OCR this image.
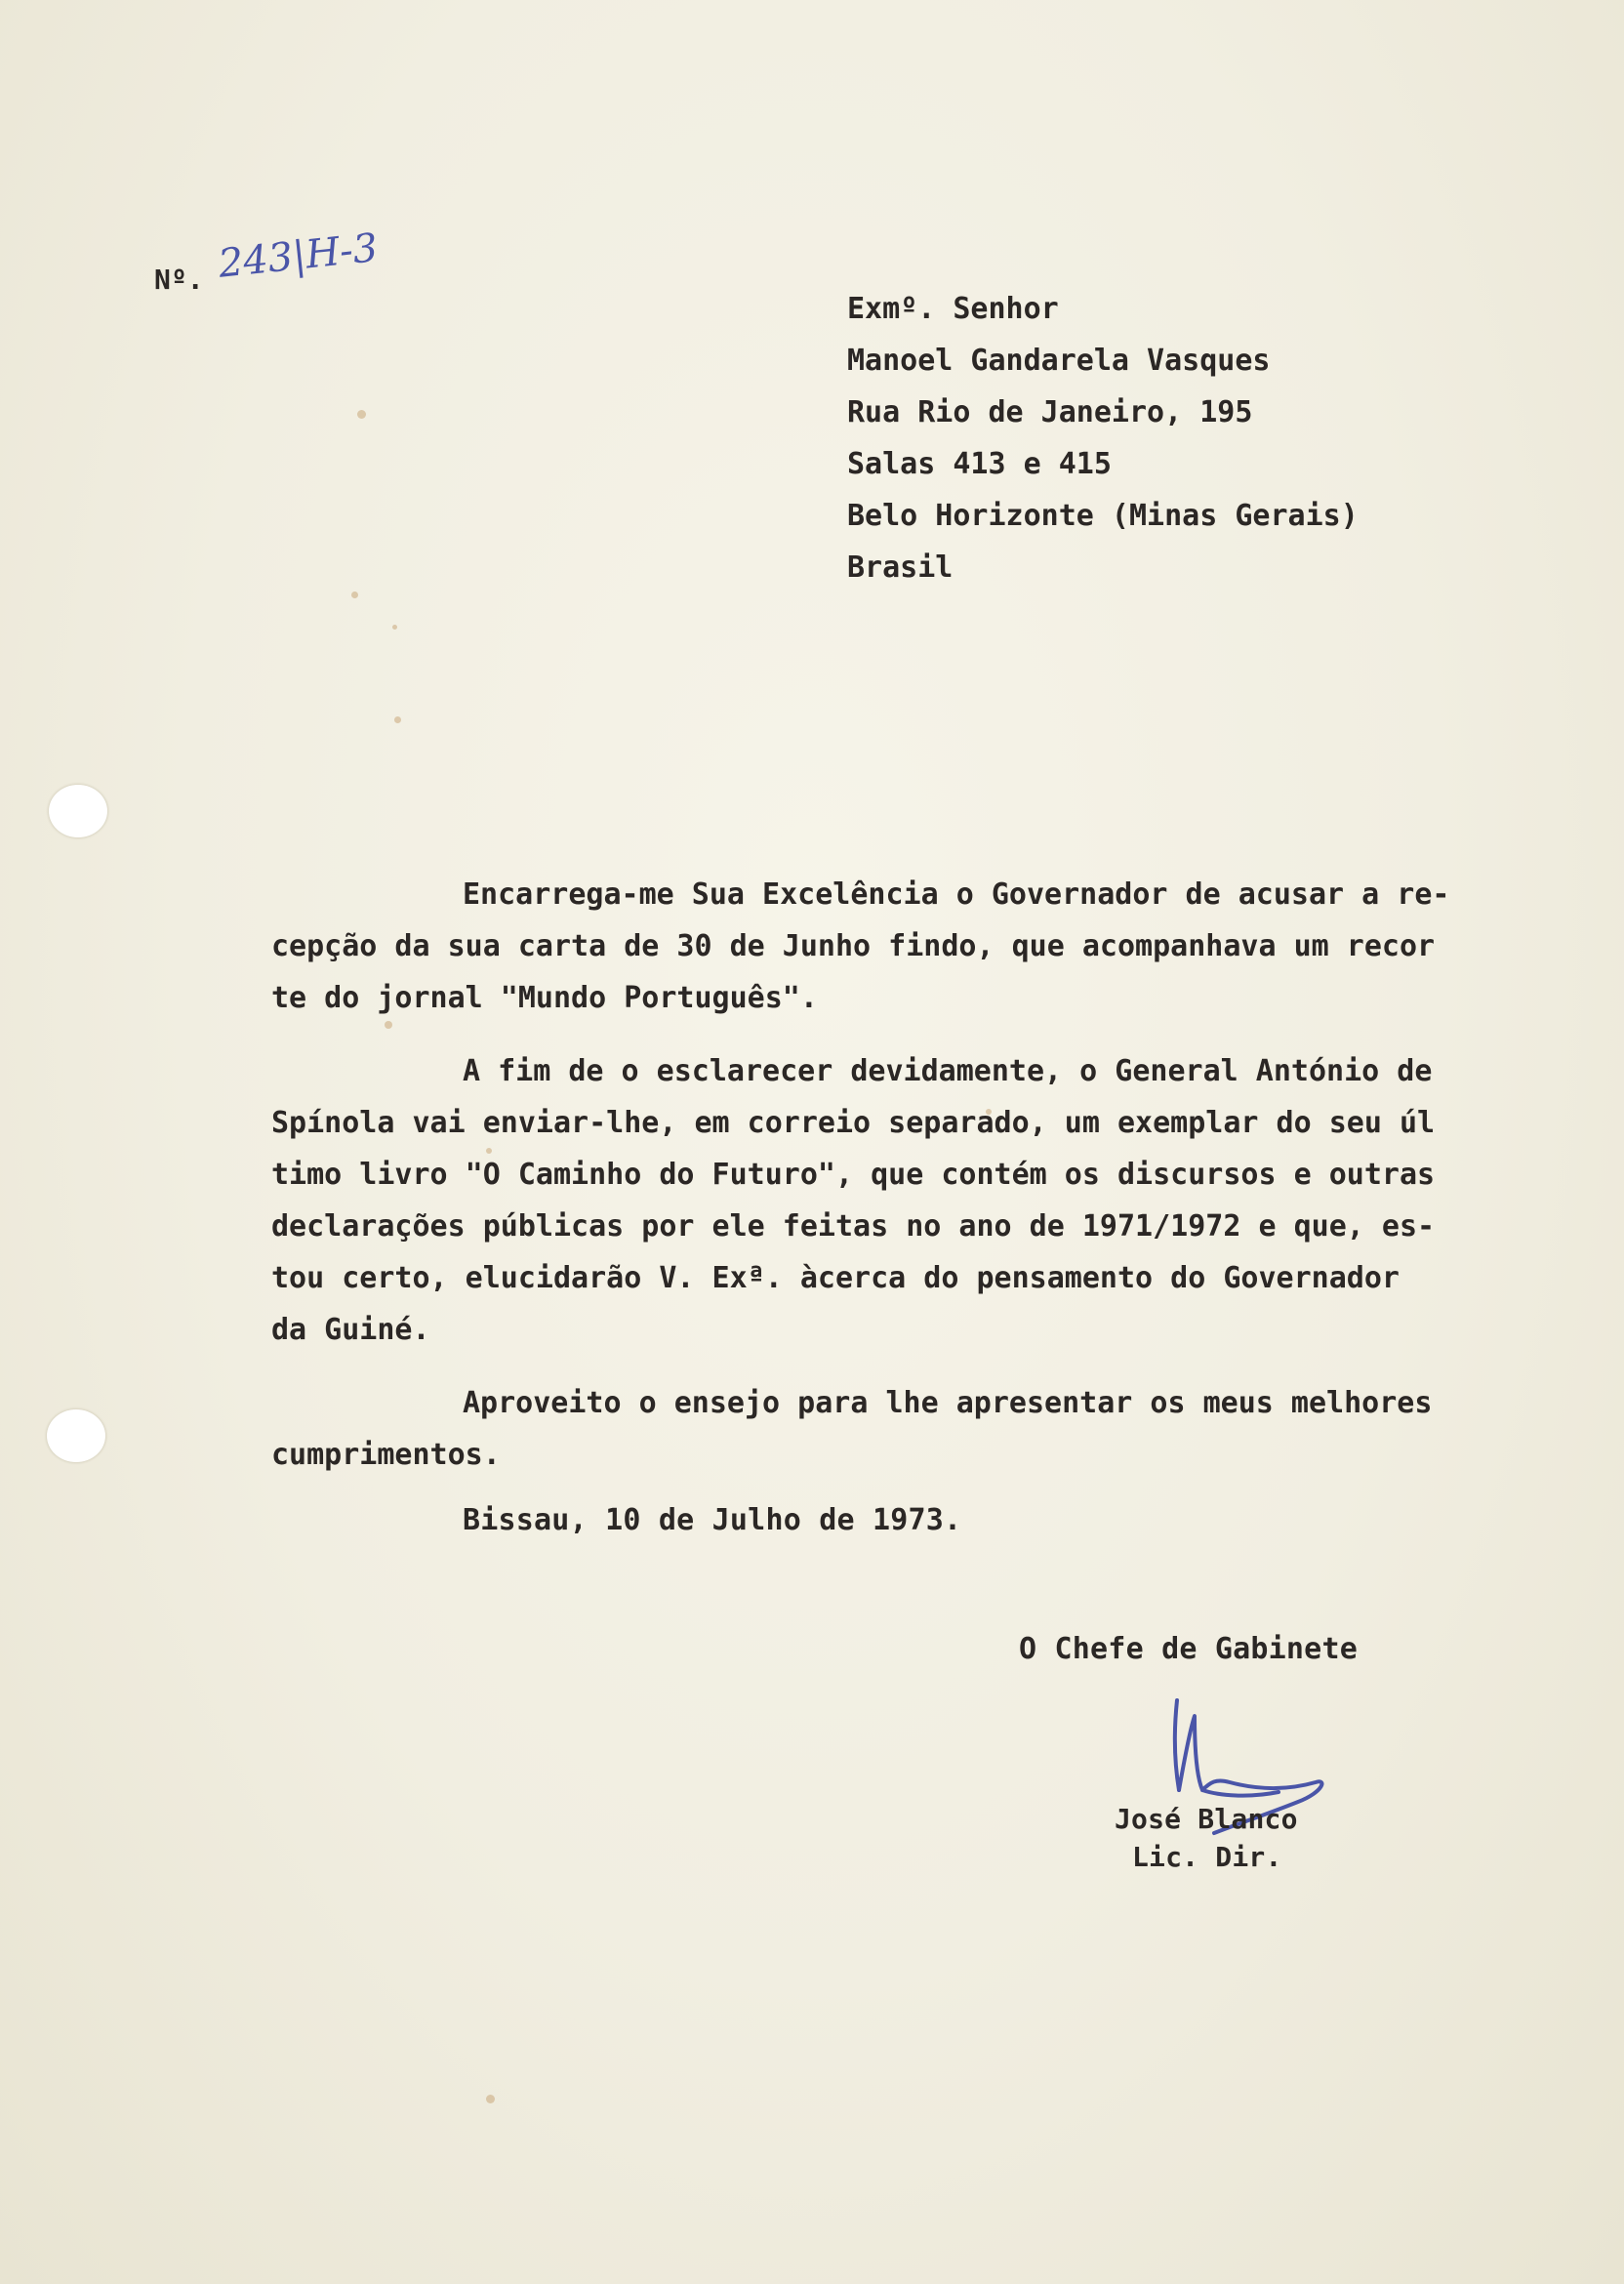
Nº. 243|H-3
Exmº. Senhor
Manoel Gandarela Vasques
Rua Rio de Janeiro, 195
Salas 413 e 415
Belo Horizonte (Minas Gerais)
Brasil
Encarrega-me Sua Excelência o Governador de acusar a re-
cepção da sua carta de 30 de Junho findo, que acompanhava um recor
te do jornal "Mundo Português".
A fim de o esclarecer devidamente, o General António de
Spínola vai enviar-lhe, em correio separado, um exemplar do seu úl
timo livro "O Caminho do Futuro", que contém os discursos e outras
declarações públicas por ele feitas no ano de 1971/1972 e que, es-
tou certo, elucidarão V. Exª. àcerca do pensamento do Governador
da Guiné.
Aproveito o ensejo para lhe apresentar os meus melhores
cumprimentos.
Bissau, 10 de Julho de 1973.
O Chefe de Gabinete
José Blanco
Lic. Dir.
